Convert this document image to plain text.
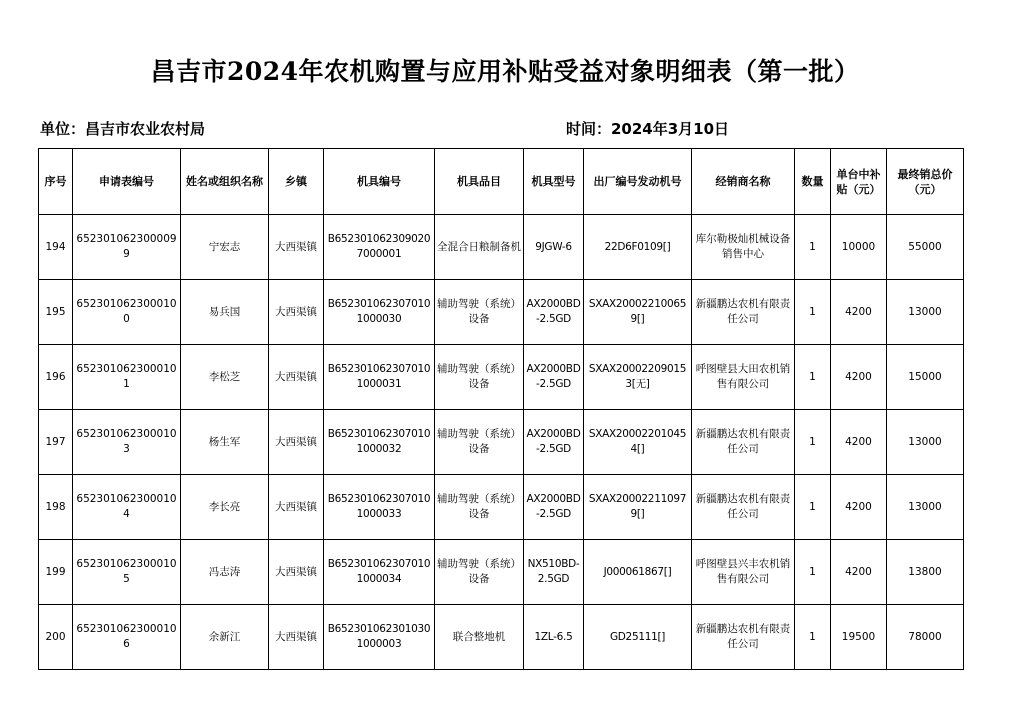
昌吉市2024年农机购置与应用补贴受益对象明细表（第一批）
单位：昌吉市农业农村局	时间：2024年3月10日
序号	申请表编号	姓名或组织名称	乡镇	机具编号	机具品目	机具型号	出厂编号发动机号	经销商名称	数量	单台中补贴（元）	最终销总价（元）
194	6523010623000099	宁宏志	大西渠镇	B6523010623090207000001	全混合日粮制备机	9JGW-6	22D6F0109[]	库尔勒极灿机械设备销售中心	1	10000	55000
195	6523010623000100	易兵国	大西渠镇	B6523010623070101000030	辅助驾驶（系统）设备	AX2000BD-2.5GD	SXAX200022100659[]	新疆鹏达农机有限责任公司	1	4200	13000
196	6523010623000101	李松芝	大西渠镇	B6523010623070101000031	辅助驾驶（系统）设备	AX2000BD-2.5GD	SXAX200022090153[无]	呼图壁县大田农机销售有限公司	1	4200	15000
197	6523010623000103	杨生军	大西渠镇	B6523010623070101000032	辅助驾驶（系统）设备	AX2000BD-2.5GD	SXAX200022010454[]	新疆鹏达农机有限责任公司	1	4200	13000
198	6523010623000104	李长亮	大西渠镇	B6523010623070101000033	辅助驾驶（系统）设备	AX2000BD-2.5GD	SXAX200022110979[]	新疆鹏达农机有限责任公司	1	4200	13000
199	6523010623000105	冯志涛	大西渠镇	B6523010623070101000034	辅助驾驶（系统）设备	NX510BD-2.5GD	J000061867[]	呼图壁县兴丰农机销售有限公司	1	4200	13800
200	6523010623000106	余新江	大西渠镇	B6523010623010301000003	联合整地机	1ZL-6.5	GD25111[]	新疆鹏达农机有限责任公司	1	19500	78000
